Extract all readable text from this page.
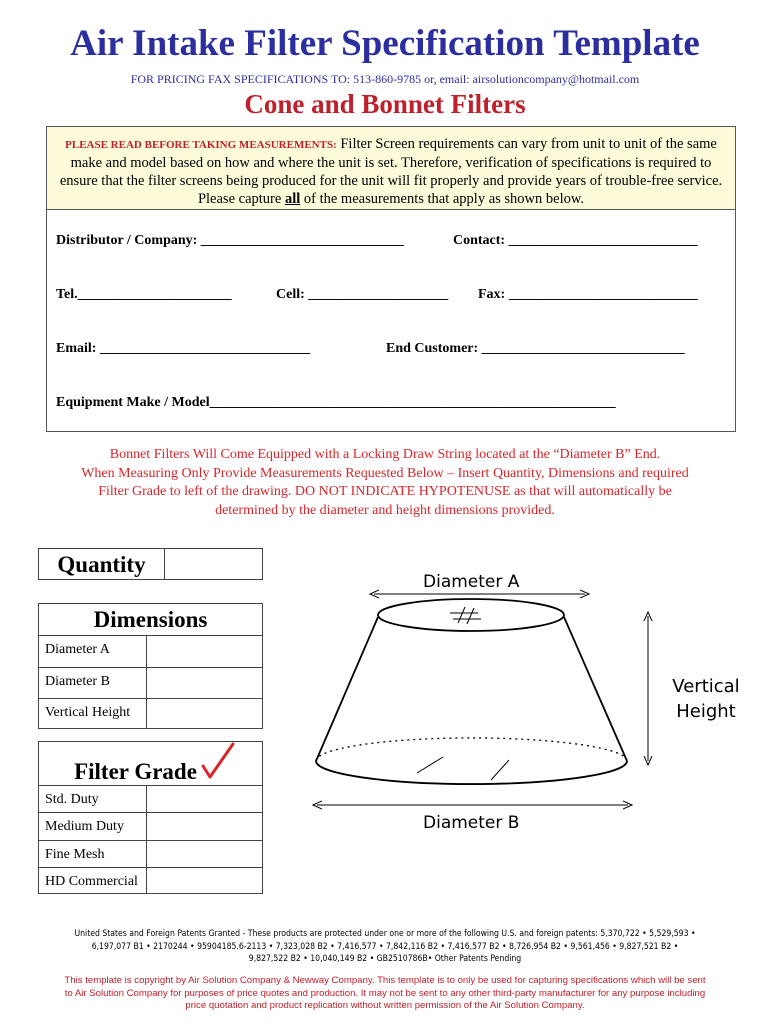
Air Intake Filter Specification Template
FOR PRICING FAX SPECIFICATIONS TO: 513-860-9785 or, email: airsolutioncompany@hotmail.com
Cone and Bonnet Filters
PLEASE READ BEFORE TAKING MEASUREMENTS: Filter Screen requirements can vary from unit to unit of the same make and model based on how and where the unit is set. Therefore, verification of specifications is required to ensure that the filter screens being produced for the unit will fit properly and provide years of trouble-free service. Please capture all of the measurements that apply as shown below.
Distributor / Company: _____________________________	Contact: ___________________________
Tel.______________________	Cell: ____________________ Fax: ___________________________
Email: ______________________________	End Customer: _____________________________
Equipment Make / Model__________________________________________________________
Bonnet Filters Will Come Equipped with a Locking Draw String located at the “Diameter B” End.
When Measuring Only Provide Measurements Requested Below – Insert Quantity, Dimensions and required
Filter Grade to left of the drawing. DO NOT INDICATE HYPOTENUSE as that will automatically be
determined by the diameter and height dimensions provided.
Quantity
Dimensions
Diameter A
Diameter B
Vertical Height
Filter Grade
Std. Duty
Medium Duty
Fine Mesh
HD Commercial
Diameter A
Diameter B
Vertical
Height
United States and Foreign Patents Granted - These products are protected under one or more of the following U.S. and foreign patents: 5,370,722 • 5,529,593 •
6,197,077 B1 • 2170244 • 95904185.6-2113 • 7,323,028 B2 • 7,416,577 • 7,842,116 B2 • 7,416,577 B2 • 8,726,954 B2 • 9,561,456 • 9,827,521 B2 •
9,827,522 B2 • 10,040,149 B2 • GB2510786B• Other Patents Pending
This template is copyright by Air Solution Company & Newway Company. This template is to only be used for capturing specifications which will be sent
to Air Solution Company for purposes of price quotes and production. It may not be sent to any other third-party manufacturer for any purpose including
price quotation and product replication without written permission of the Air Solution Company.
